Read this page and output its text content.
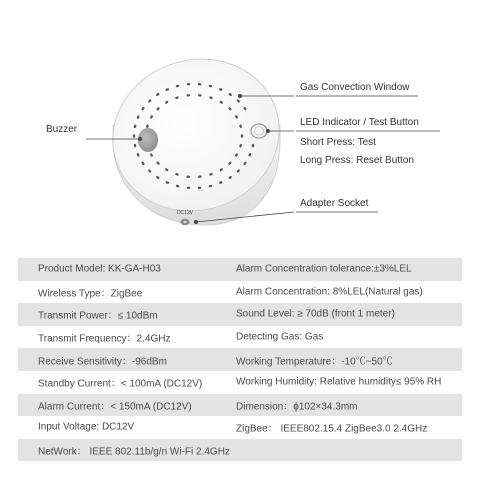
DC12V
Gas Convection Window
Buzzer
LED Indicator / Test Button
Short Press: Test
Long Press: Reset Button
Adapter Socket
Product Model: KK-GA-H03	Alarm Concentration tolerance:±3%LEL
Wireless Type：ZigBee	Alarm Concentration: 8%LEL(Natural gas)
Transmit Power：≤ 10dBm	Sound Level: ≥ 70dB (front 1 meter)
Transmit Frequency：2.4GHz	Detecting Gas: Gas
Receive Sensitivity：-96dBm	Working Temperature：-10℃~50℃
Standby Current：< 100mA (DC12V)	Working Humidity: Relative humidity≤ 95% RH
Alarm Current：< 150mA (DC12V)	Dimension：ϕ102×34.3mm
Input Voltage: DC12V	ZigBee： IEEE802.15.4 ZigBee3.0 2.4GHz
NetWork： IEEE 802.11b/g/n Wi-Fi 2.4GHz
